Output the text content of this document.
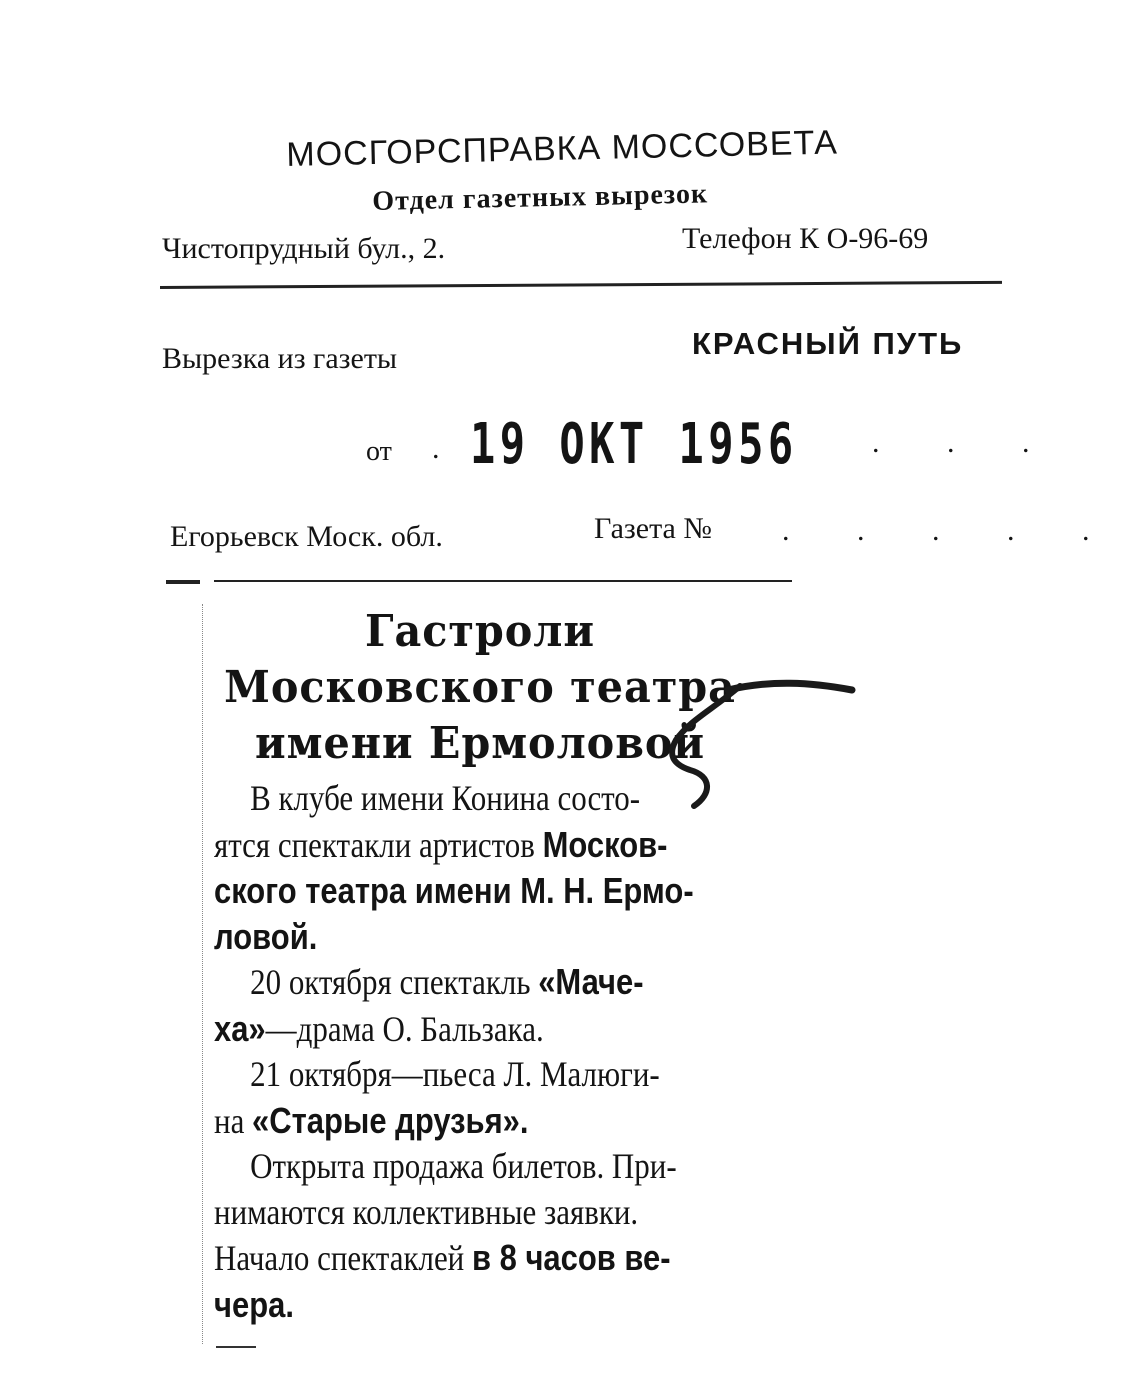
МОСГОРСПРАВКА МОССОВЕТА
Отдел газетных вырезок
Чистопрудный бул., 2.	Телефон К О-96-69
Вырезка из газеты	КРАСНЫЙ ПУТЬ
от . 19 ОКТ 1956 . . .
Егорьевск Моск. обл.	Газета № . . . . .
Гастроли
Московского театра
имени Ермоловой
В клубе имени Конина состо-
ятся спектакли артистов Москов-
ского театра имени М. Н. Ермо-
ловой.
20 октября спектакль «Маче-
ха»—драма О. Бальзака.
21 октября—пьеса Л. Малюги-
на «Старые друзья».
Открыта продажа билетов. При-
нимаются коллективные заявки.
Начало спектаклей в 8 часов ве-
чера.
